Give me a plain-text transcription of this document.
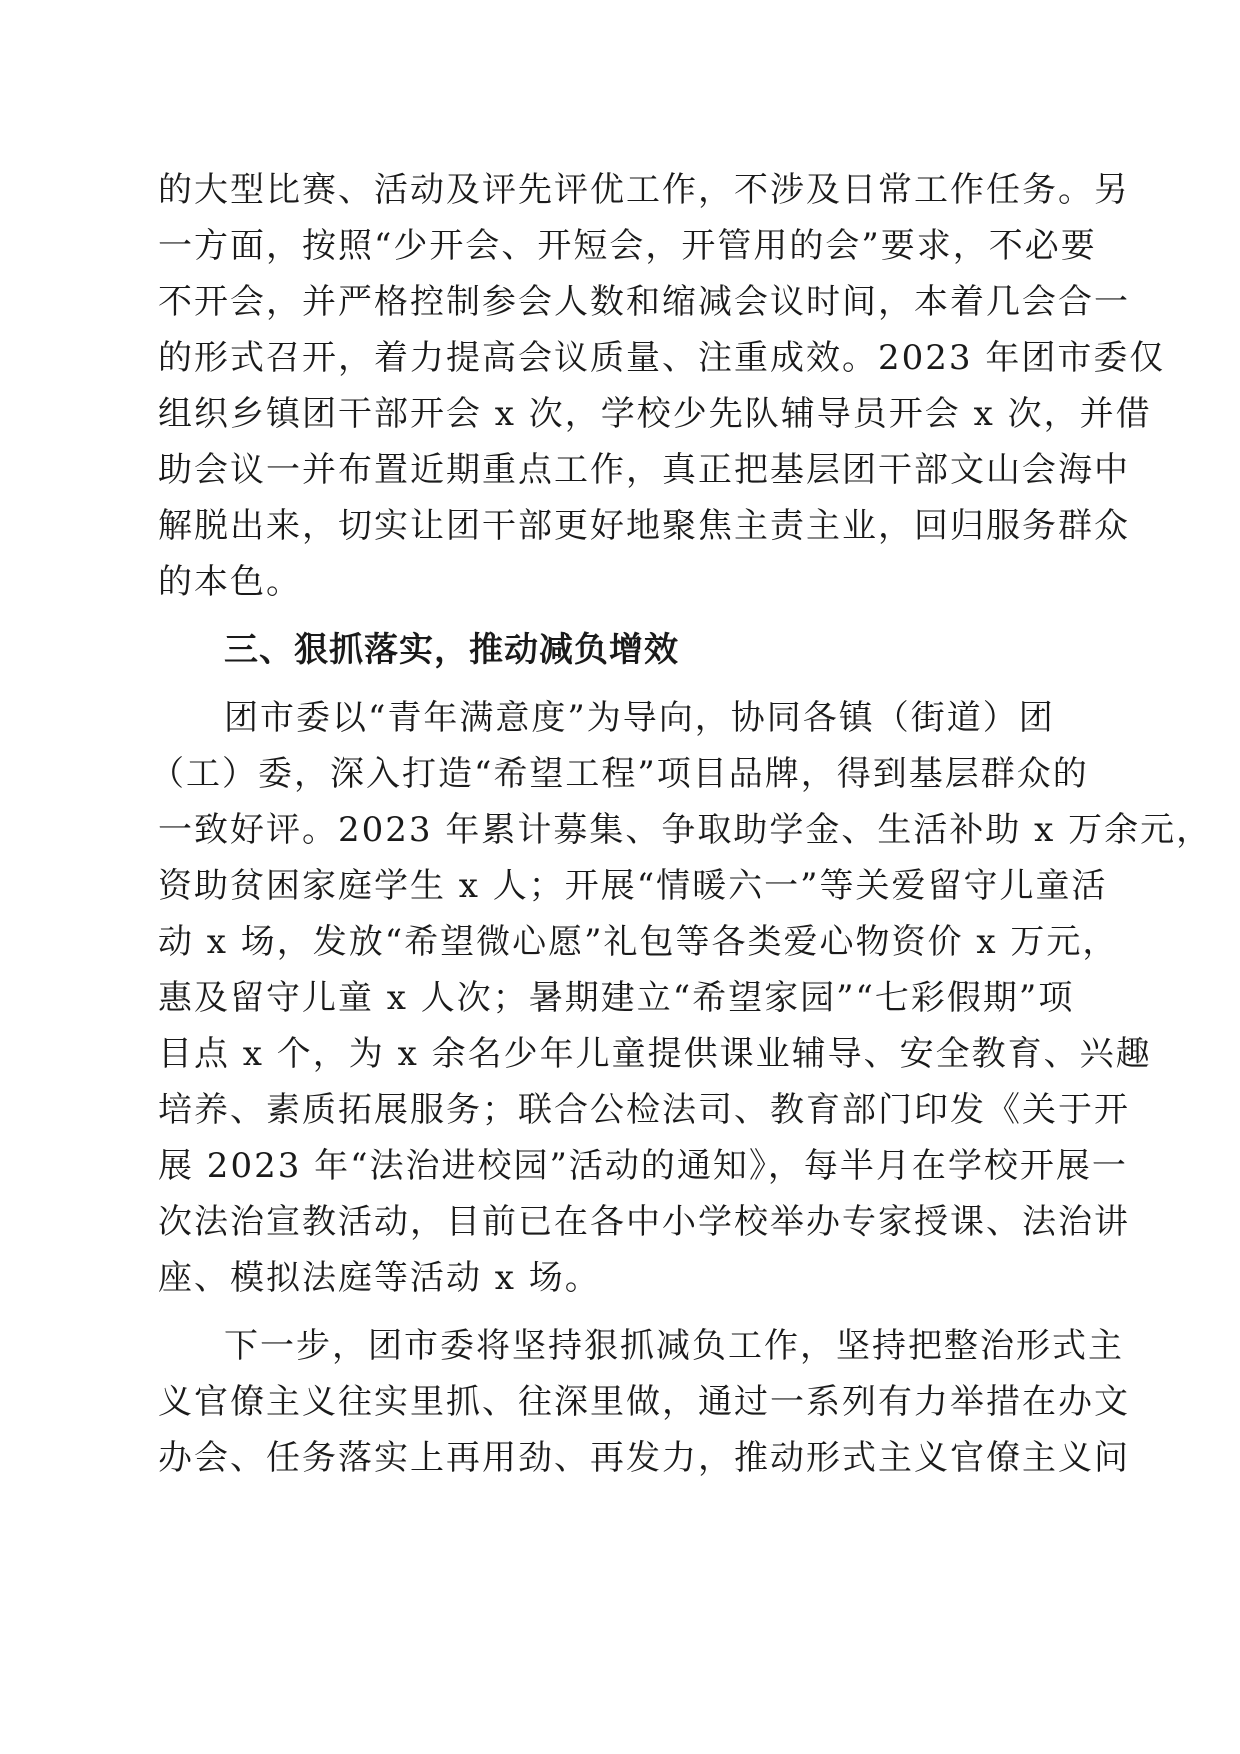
的大型比赛、活动及评先评优工作，不涉及日常工作任务。另

一方面，按照“少开会、开短会，开管用的会”要求，不必要

不开会，并严格控制参会人数和缩减会议时间，本着几会合一

的形式召开，着力提高会议质量、注重成效。2023 年团市委仅

组织乡镇团干部开会 x 次，学校少先队辅导员开会 x 次，并借

助会议一并布置近期重点工作，真正把基层团干部文山会海中

解脱出来，切实让团干部更好地聚焦主责主业，回归服务群众

的本色。

三、狠抓落实，推动减负增效

团市委以“青年满意度”为导向，协同各镇（街道）团

（工）委，深入打造“希望工程”项目品牌，得到基层群众的

一致好评。2023 年累计募集、争取助学金、生活补助 x 万余元，

资助贫困家庭学生 x 人；开展“情暖六一”等关爱留守儿童活

动 x 场，发放“希望微心愿”礼包等各类爱心物资价 x 万元，

惠及留守儿童 x 人次；暑期建立“希望家园”“七彩假期”项

目点 x 个，为 x 余名少年儿童提供课业辅导、安全教育、兴趣

培养、素质拓展服务；联合公检法司、教育部门印发《关于开

展 2023 年“法治进校园”活动的通知》，每半月在学校开展一

次法治宣教活动，目前已在各中小学校举办专家授课、法治讲

座、模拟法庭等活动 x 场。

下一步，团市委将坚持狠抓减负工作，坚持把整治形式主

义官僚主义往实里抓、往深里做，通过一系列有力举措在办文

办会、任务落实上再用劲、再发力，推动形式主义官僚主义问
